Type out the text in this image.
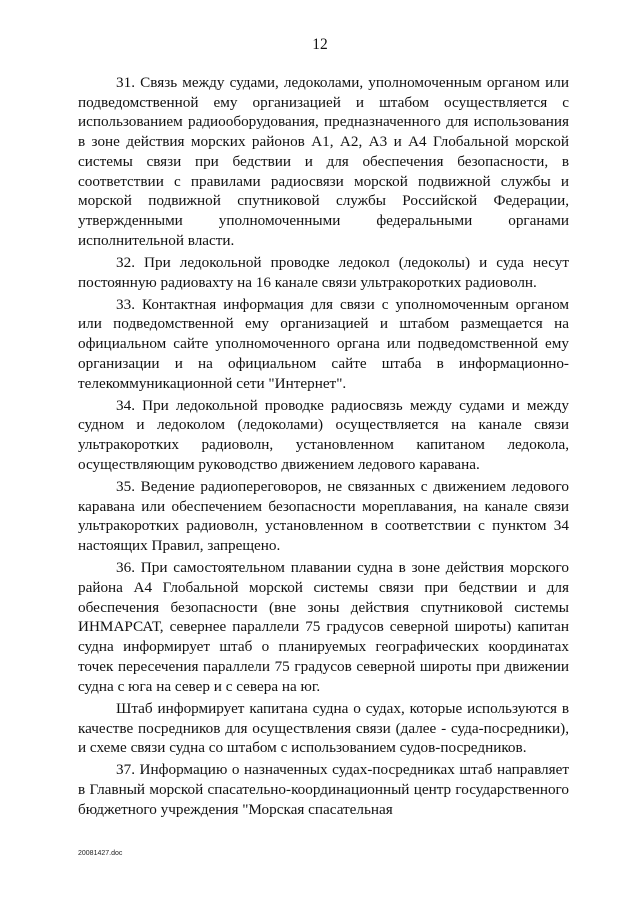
12

31. Связь между судами, ледоколами, уполномоченным органом или подведомственной ему организацией и штабом осуществляется с использованием радиооборудования, предназначенного для использования в зоне действия морских районов А1, А2, А3 и А4 Глобальной морской системы связи при бедствии и для обеспечения безопасности, в соответствии с правилами радиосвязи морской подвижной службы и морской подвижной спутниковой службы Российской Федерации, утвержденными уполномоченными федеральными органами исполнительной власти.

32. При ледокольной проводке ледокол (ледоколы) и суда несут постоянную радиовахту на 16 канале связи ультракоротких радиоволн.

33. Контактная информация для связи с уполномоченным органом или подведомственной ему организацией и штабом размещается на официальном сайте уполномоченного органа или подведомственной ему организации и на официальном сайте штаба в информационно-телекоммуникационной сети "Интернет".

34. При ледокольной проводке радиосвязь между судами и между судном и ледоколом (ледоколами) осуществляется на канале связи ультракоротких радиоволн, установленном капитаном ледокола, осуществляющим руководство движением ледового каравана.

35. Ведение радиопереговоров, не связанных с движением ледового каравана или обеспечением безопасности мореплавания, на канале связи ультракоротких радиоволн, установленном в соответствии с пунктом 34 настоящих Правил, запрещено.

36. При самостоятельном плавании судна в зоне действия морского района А4 Глобальной морской системы связи при бедствии и для обеспечения безопасности (вне зоны действия спутниковой системы ИНМАРСАТ, севернее параллели 75 градусов северной широты) капитан судна информирует штаб о планируемых географических координатах точек пересечения параллели 75 градусов северной широты при движении судна с юга на север и с севера на юг.

Штаб информирует капитана судна о судах, которые используются в качестве посредников для осуществления связи (далее - суда-посредники), и схеме связи судна со штабом с использованием судов-посредников.

37. Информацию о назначенных судах-посредниках штаб направляет в Главный морской спасательно-координационный центр государственного бюджетного учреждения "Морская спасательная

20081427.doc
